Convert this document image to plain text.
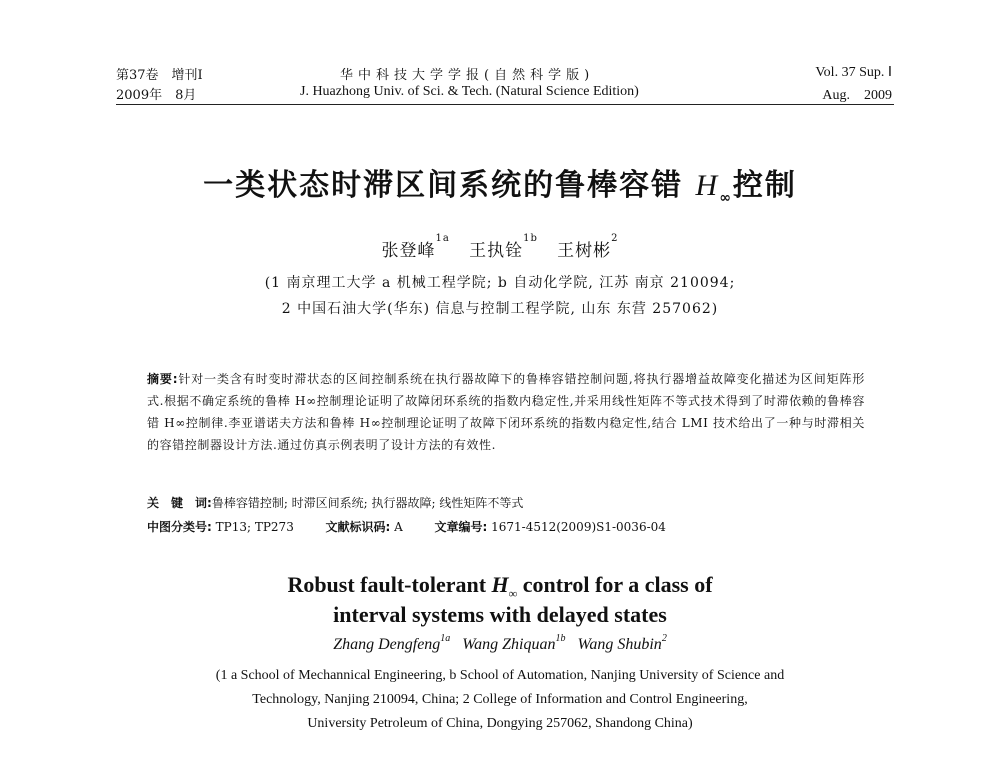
第37卷　增刊Ⅰ
2009年　8月
华中科技大学学报(自然科学版)
J. Huazhong Univ. of Sci. & Tech. (Natural Science Edition)
Vol. 37 Sup. Ⅰ
Aug.　2009
一类状态时滞区间系统的鲁棒容错 $H_\infty$控制
张登峰$^{1a}$   王执铨$^{1b}$   王树彬$^2$
(1 南京理工大学 a 机械工程学院; b 自动化学院, 江苏 南京 210094;
2 中国石油大学(华东) 信息与控制工程学院, 山东 东营 257062)
摘要:针对一类含有时变时滞状态的区间控制系统在执行器故障下的鲁棒容错控制问题,将执行器增益故障变化描述为区间矩阵形式.根据不确定系统的鲁棒 H∞控制理论证明了故障闭环系统的指数内稳定性,并采用线性矩阵不等式技术得到了时滞依赖的鲁棒容错 H∞控制律.李亚谱诺夫方法和鲁棒 H∞控制理论证明了故障下闭环系统的指数内稳定性,结合 LMI 技术给出了一种与时滞相关的容错控制器设计方法.通过仿真示例表明了设计方法的有效性.
关　键　词:鲁棒容错控制; 时滞区间系统; 执行器故障; 线性矩阵不等式
中图分类号: TP13; TP273	文献标识码: A	文章编号: 1671-4512(2009)S1-0036-04
Robust fault-tolerant $H_\infty$ control for a class of
interval systems with delayed states
Zhang Dengfeng$^{1a}$ Wang Zhiquan$^{1b}$ Wang Shubin$^2$
(1 a School of Mechannical Engineering, b School of Automation, Nanjing University of Science and
Technology, Nanjing 210094, China; 2 College of Information and Control Engineering,
University Petroleum of China, Dongying 257062, Shandong China)
